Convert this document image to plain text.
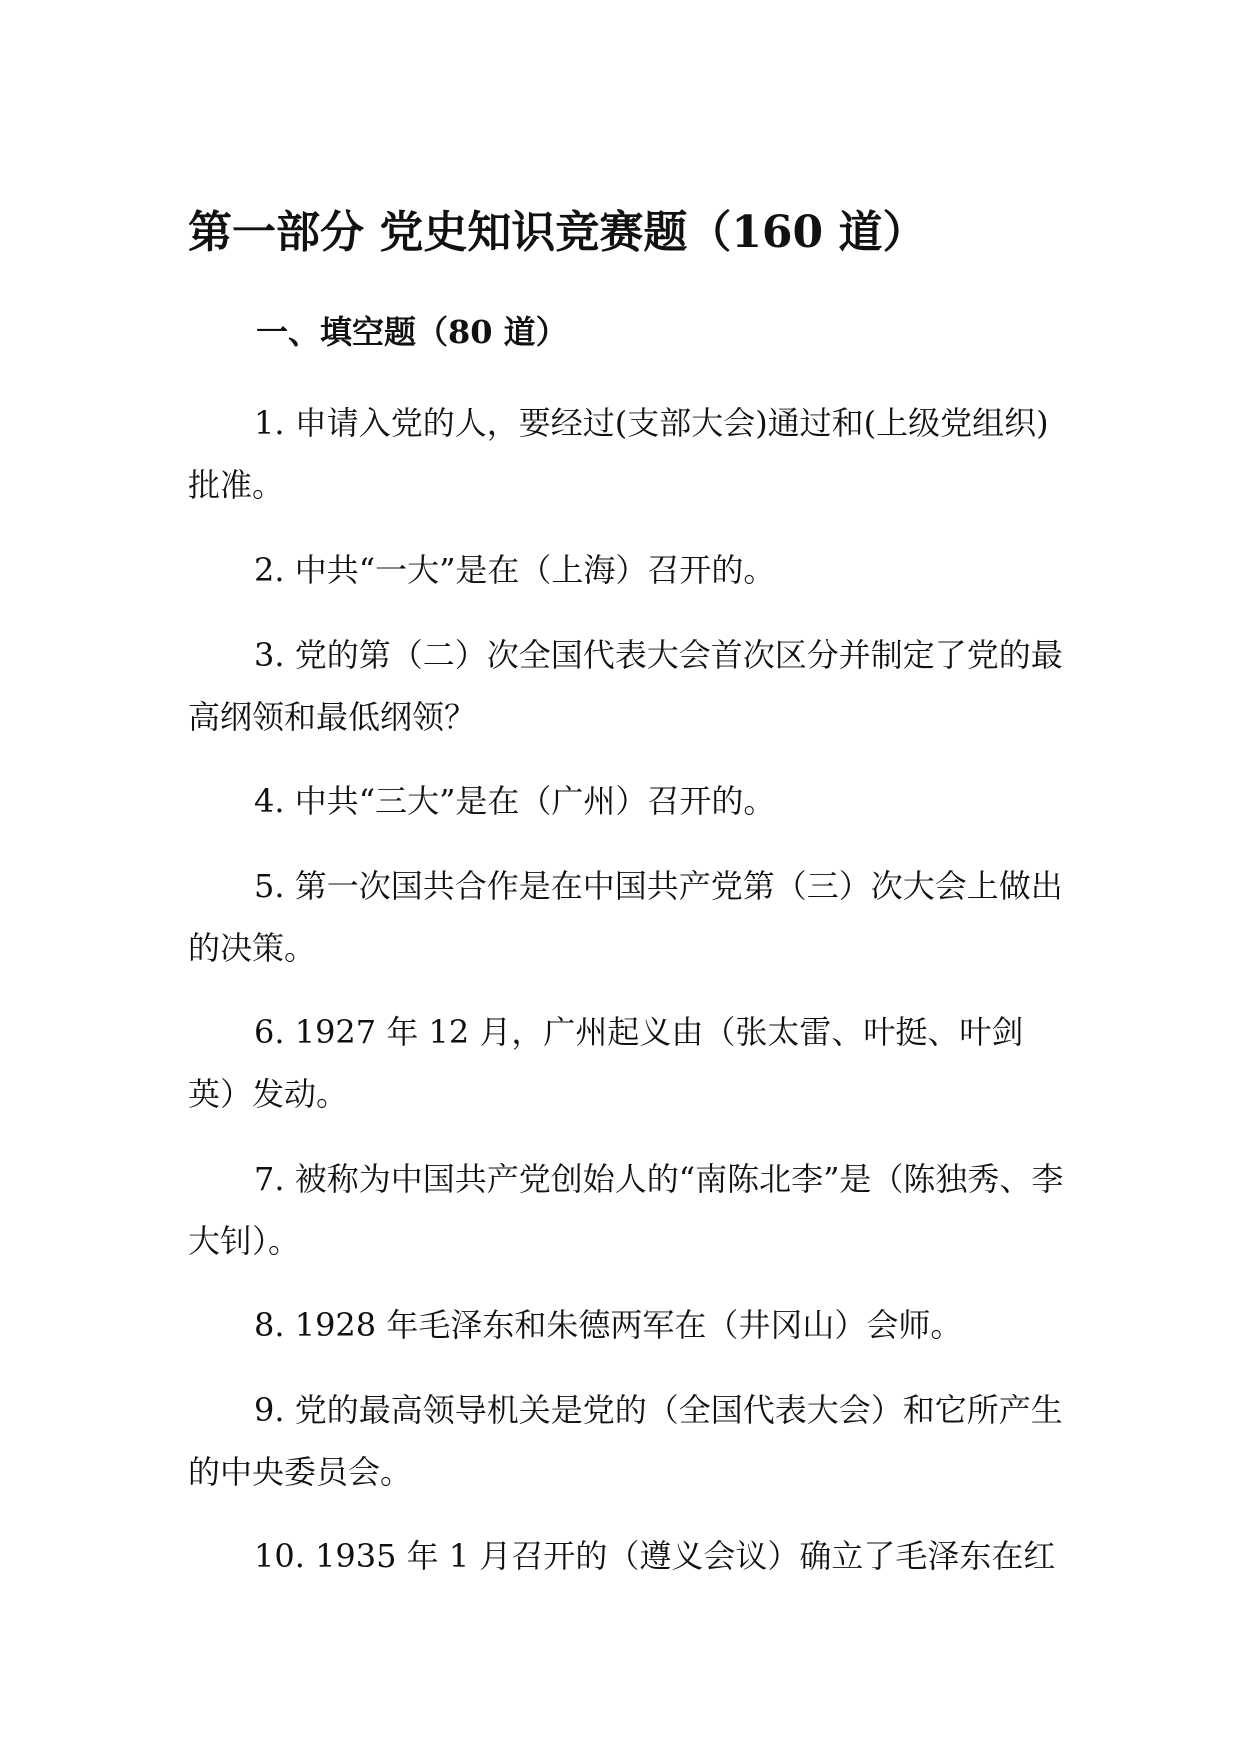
第一部分 党史知识竞赛题（160 道）
一、填空题（80 道）

1. 申请入党的人，要经过(支部大会)通过和(上级党组织)批准。

2. 中共“一大”是在（上海）召开的。

3. 党的第（二）次全国代表大会首次区分并制定了党的最高纲领和最低纲领？

4. 中共“三大”是在（广州）召开的。

5. 第一次国共合作是在中国共产党第（三）次大会上做出的决策。

6. 1927 年 12 月，广州起义由（张太雷、叶挺、叶剑英）发动。

7. 被称为中国共产党创始人的“南陈北李”是（陈独秀、李大钊）。

8. 1928 年毛泽东和朱德两军在（井冈山）会师。

9. 党的最高领导机关是党的（全国代表大会）和它所产生的中央委员会。

10. 1935 年 1 月召开的（遵义会议）确立了毛泽东在红
